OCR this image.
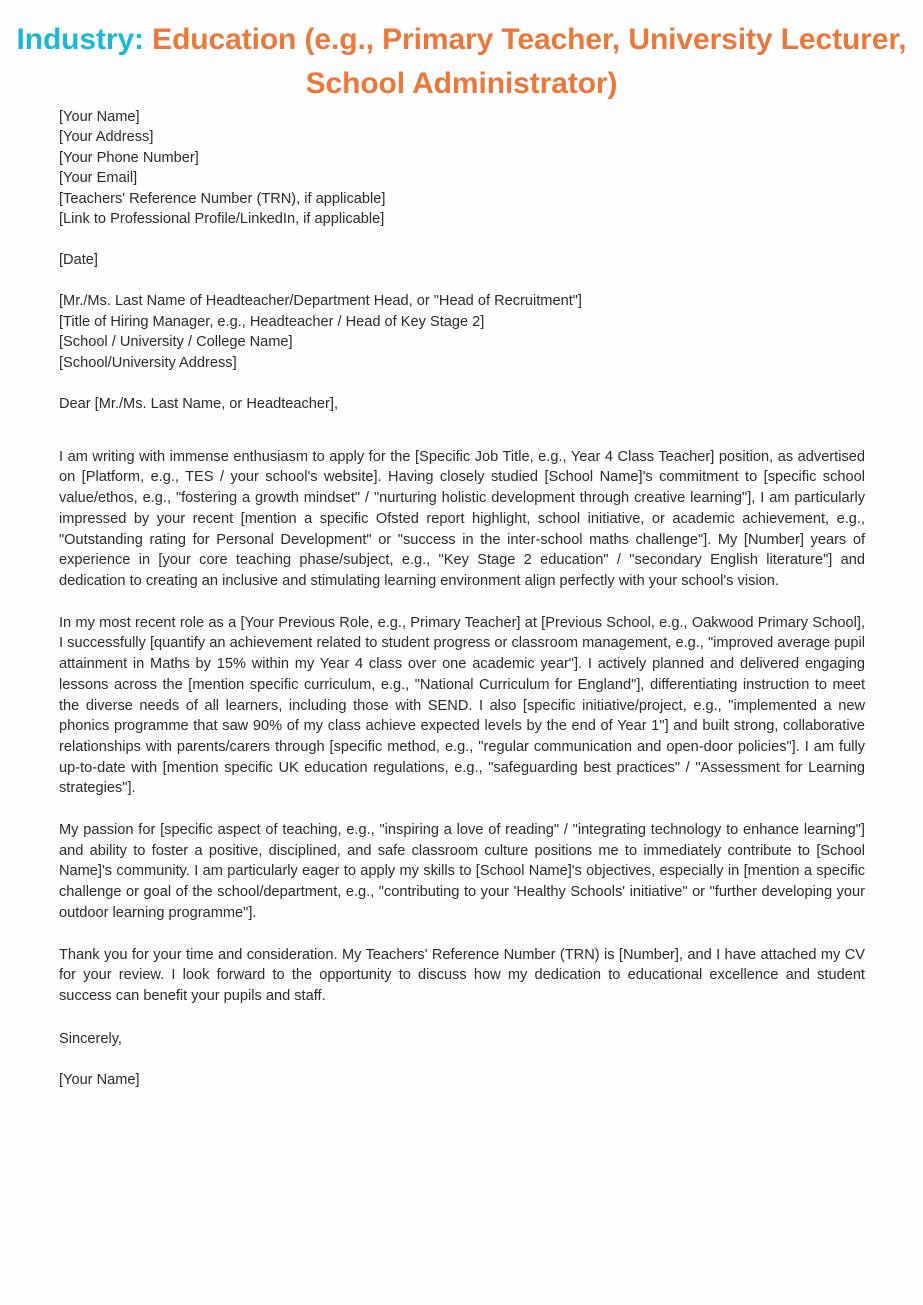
Industry: Education (e.g., Primary Teacher, University Lecturer, School Administrator)
[Your Name]
[Your Address]
[Your Phone Number]
[Your Email]
[Teachers' Reference Number (TRN), if applicable]
[Link to Professional Profile/LinkedIn, if applicable]
[Date]
[Mr./Ms. Last Name of Headteacher/Department Head, or "Head of Recruitment"]
[Title of Hiring Manager, e.g., Headteacher / Head of Key Stage 2]
[School / University / College Name]
[School/University Address]
Dear [Mr./Ms. Last Name, or Headteacher],

I am writing with immense enthusiasm to apply for the [Specific Job Title, e.g., Year 4 Class Teacher] position, as advertised on [Platform, e.g., TES / your school's website]. Having closely studied [School Name]'s commitment to [specific school value/ethos, e.g., "fostering a growth mindset" / "nurturing holistic development through creative learning"], I am particularly impressed by your recent [mention a specific Ofsted report highlight, school initiative, or academic achievement, e.g., "Outstanding rating for Personal Development" or "success in the inter-school maths challenge"]. My [Number] years of experience in [your core teaching phase/subject, e.g., "Key Stage 2 education" / "secondary English literature"] and dedication to creating an inclusive and stimulating learning environment align perfectly with your school's vision.

In my most recent role as a [Your Previous Role, e.g., Primary Teacher] at [Previous School, e.g., Oakwood Primary School], I successfully [quantify an achievement related to student progress or classroom management, e.g., "improved average pupil attainment in Maths by 15% within my Year 4 class over one academic year"]. I actively planned and delivered engaging lessons across the [mention specific curriculum, e.g., "National Curriculum for England"], differentiating instruction to meet the diverse needs of all learners, including those with SEND. I also [specific initiative/project, e.g., "implemented a new phonics programme that saw 90% of my class achieve expected levels by the end of Year 1"] and built strong, collaborative relationships with parents/carers through [specific method, e.g., "regular communication and open-door policies"]. I am fully up-to-date with [mention specific UK education regulations, e.g., "safeguarding best practices" / "Assessment for Learning strategies"].

My passion for [specific aspect of teaching, e.g., "inspiring a love of reading" / "integrating technology to enhance learning"] and ability to foster a positive, disciplined, and safe classroom culture positions me to immediately contribute to [School Name]'s community. I am particularly eager to apply my skills to [School Name]'s objectives, especially in [mention a specific challenge or goal of the school/department, e.g., "contributing to your 'Healthy Schools' initiative" or "further developing your outdoor learning programme"].

Thank you for your time and consideration. My Teachers' Reference Number (TRN) is [Number], and I have attached my CV for your review. I look forward to the opportunity to discuss how my dedication to educational excellence and student success can benefit your pupils and staff.

Sincerely,
[Your Name]
